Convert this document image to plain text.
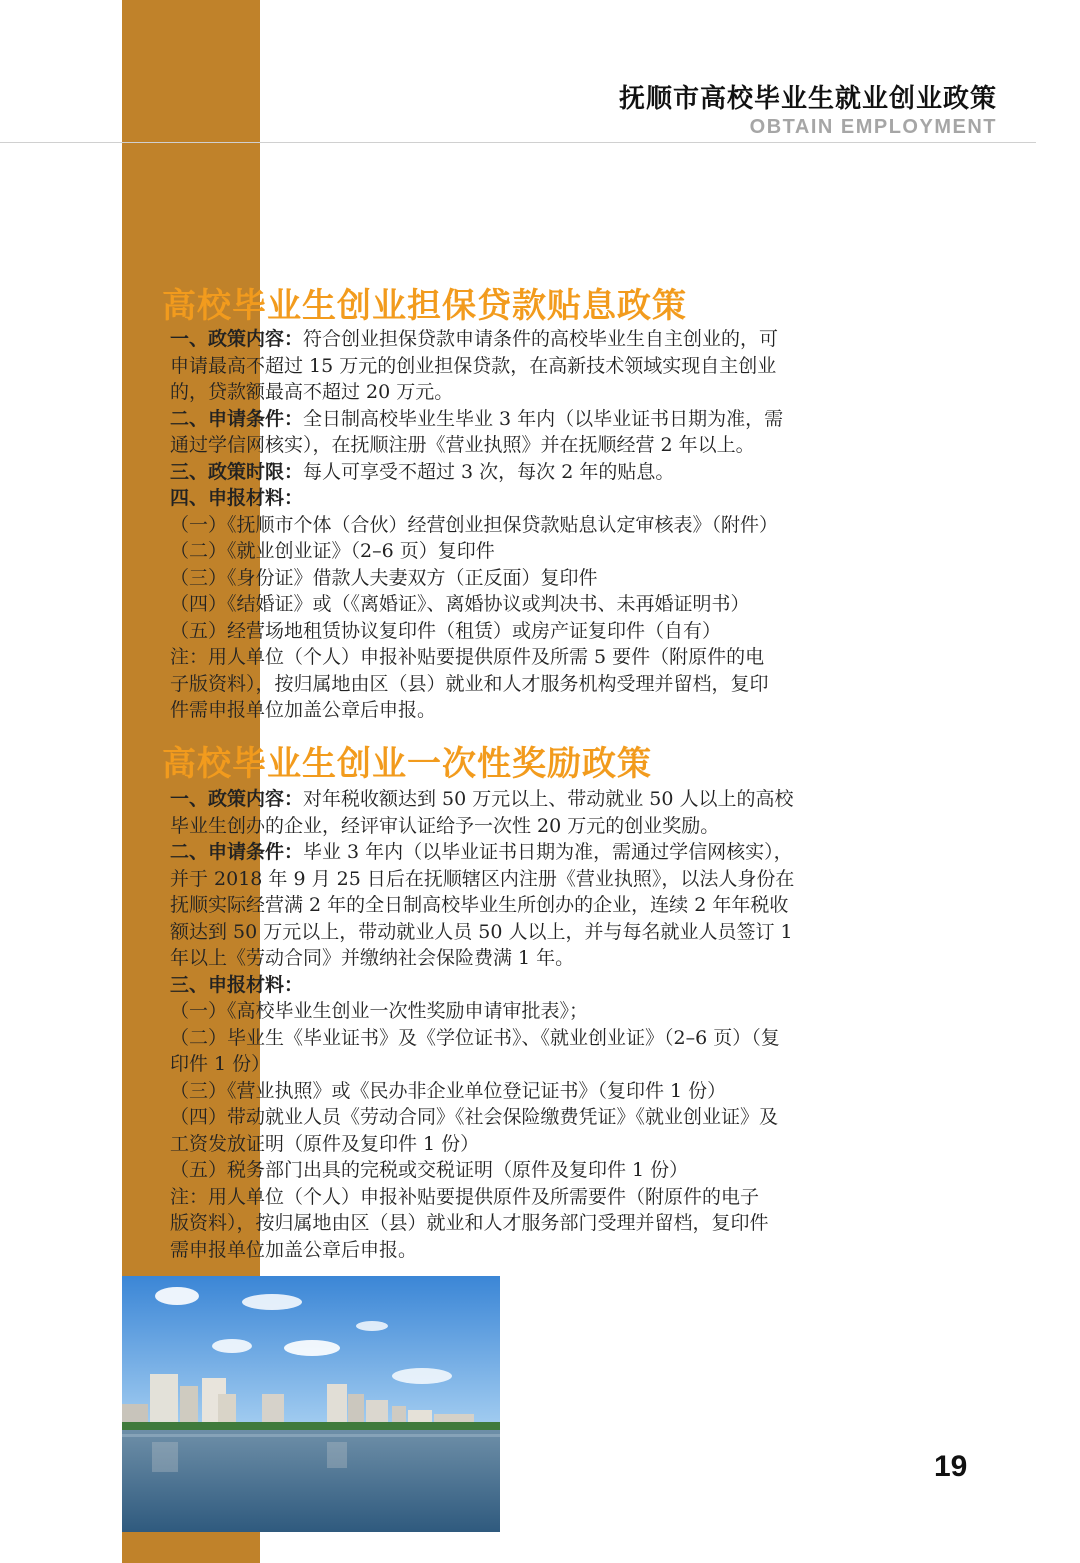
抚顺市高校毕业生就业创业政策
OBTAIN EMPLOYMENT
高校毕业生创业担保贷款贴息政策
一、政策内容：符合创业担保贷款申请条件的高校毕业生自主创业的，可
申请最高不超过 15 万元的创业担保贷款，在高新技术领域实现自主创业
的，贷款额最高不超过 20 万元。
二、申请条件：全日制高校毕业生毕业 3 年内（以毕业证书日期为准，需
通过学信网核实），在抚顺注册《营业执照》并在抚顺经营 2 年以上。
三、政策时限：每人可享受不超过 3 次，每次 2 年的贴息。
四、申报材料：
（一）《抚顺市个体（合伙）经营创业担保贷款贴息认定审核表》（附件）
（二）《就业创业证》（2–6 页）复印件
（三）《身份证》借款人夫妻双方（正反面）复印件
（四）《结婚证》或（《离婚证》、离婚协议或判决书、未再婚证明书）
（五）经营场地租赁协议复印件（租赁）或房产证复印件（自有）
注：用人单位（个人）申报补贴要提供原件及所需 5 要件（附原件的电
子版资料），按归属地由区（县）就业和人才服务机构受理并留档，复印
件需申报单位加盖公章后申报。
高校毕业生创业一次性奖励政策
一、政策内容：对年税收额达到 50 万元以上、带动就业 50 人以上的高校
毕业生创办的企业，经评审认证给予一次性 20 万元的创业奖励。
二、申请条件：毕业 3 年内（以毕业证书日期为准，需通过学信网核实），
并于 2018 年 9 月 25 日后在抚顺辖区内注册《营业执照》，以法人身份在
抚顺实际经营满 2 年的全日制高校毕业生所创办的企业，连续 2 年年税收
额达到 50 万元以上，带动就业人员 50 人以上，并与每名就业人员签订 1
年以上《劳动合同》并缴纳社会保险费满 1 年。
三、申报材料：
（一）《高校毕业生创业一次性奖励申请审批表》；
（二）毕业生《毕业证书》及《学位证书》、《就业创业证》（2–6 页）（复
印件 1 份）
（三）《营业执照》或《民办非企业单位登记证书》（复印件 1 份）
（四）带动就业人员《劳动合同》《社会保险缴费凭证》《就业创业证》及
工资发放证明（原件及复印件 1 份）
（五）税务部门出具的完税或交税证明（原件及复印件 1 份）
注：用人单位（个人）申报补贴要提供原件及所需要件（附原件的电子
版资料），按归属地由区（县）就业和人才服务部门受理并留档，复印件
需申报单位加盖公章后申报。
19
